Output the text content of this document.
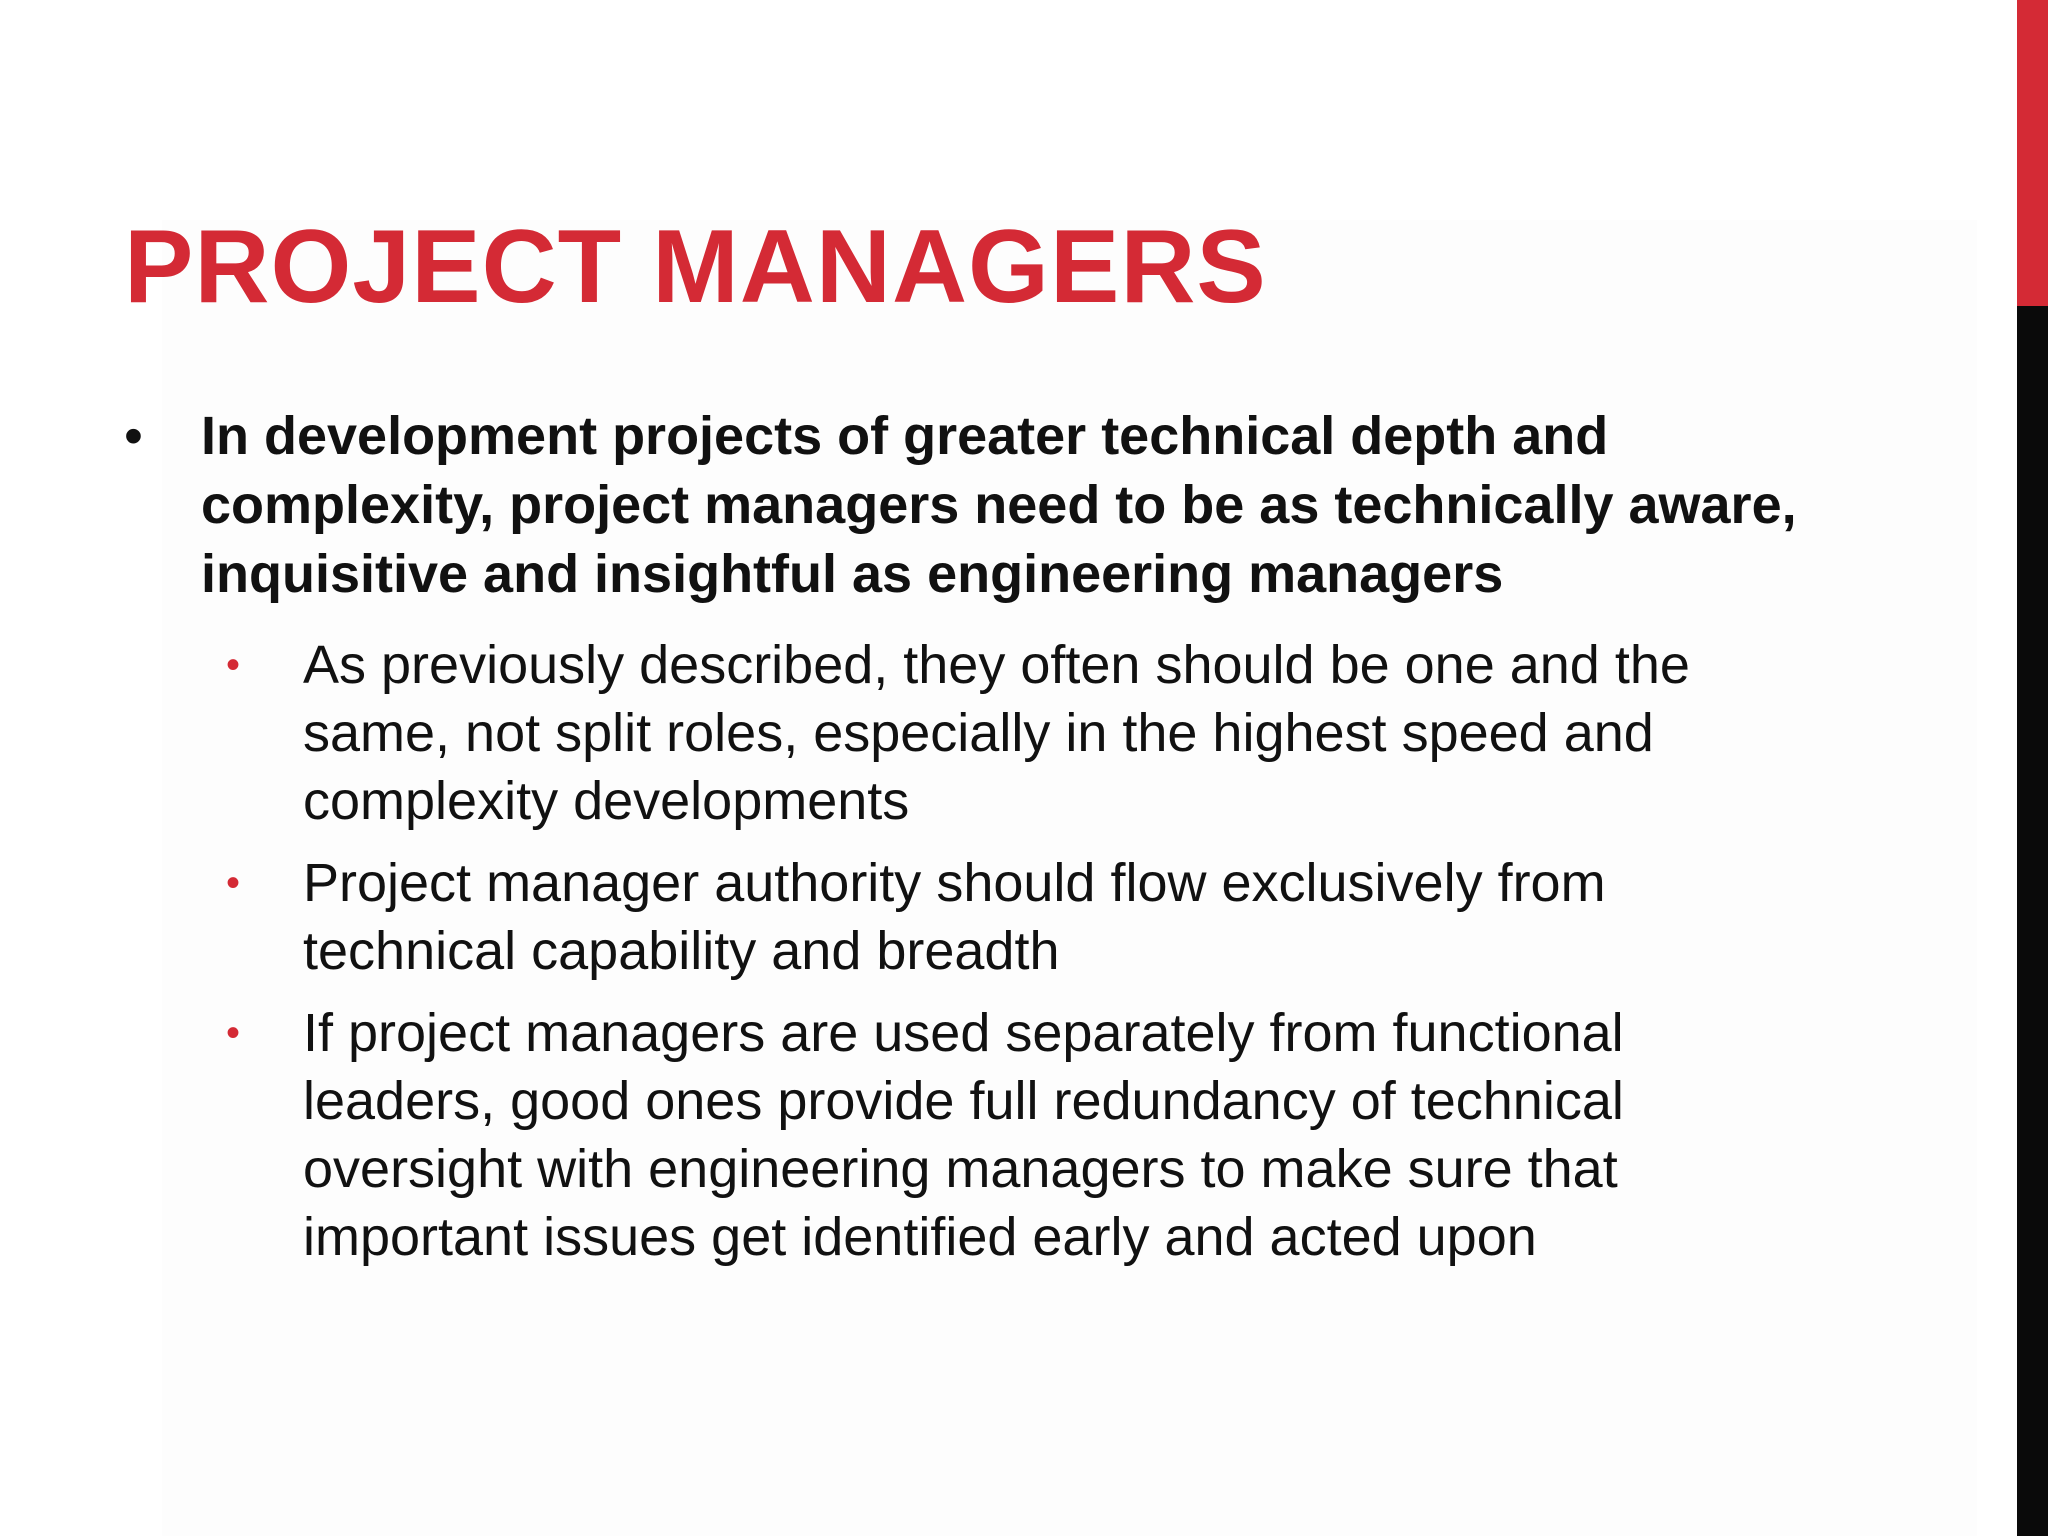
PROJECT MANAGERS
• In development projects of greater technical depth and complexity, project managers need to be as technically aware, inquisitive and insightful as engineering managers
• As previously described, they often should be one and the same, not split roles, especially in the highest speed and complexity developments
• Project manager authority should flow exclusively from technical capability and breadth
• If project managers are used separately from functional leaders, good ones provide full redundancy of technical oversight with engineering managers to make sure that important issues get identified early and acted upon
